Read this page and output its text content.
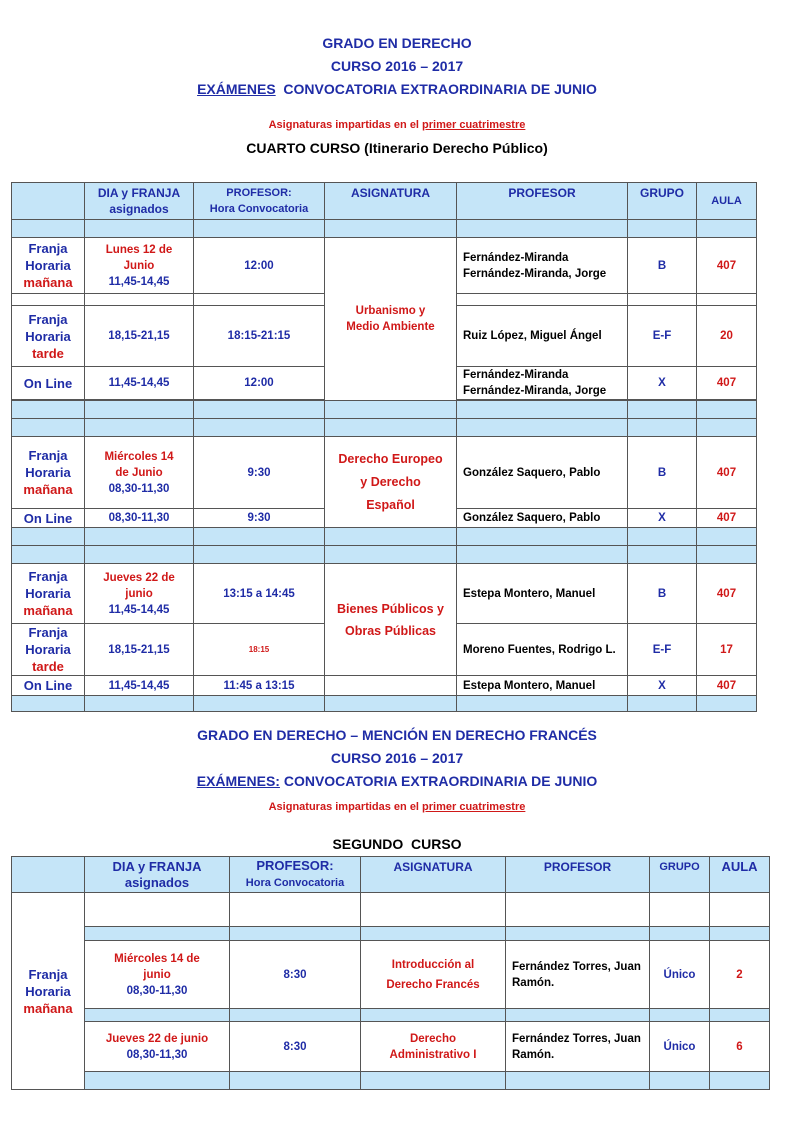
GRADO EN DERECHO
CURSO 2016 – 2017
EXÁMENES  CONVOCATORIA EXTRAORDINARIA DE JUNIO
Asignaturas impartidas en el primer cuatrimestre
CUARTO CURSO (Itinerario Derecho Público)
	DIA y FRANJA
asignados	PROFESOR:
Hora Convocatoria	ASIGNATURA	PROFESOR	GRUPO	AULA

Franja
Horaria
mañana	Lunes 12 de
Junio
11,45-14,45	12:00	Urbanismo y
Medio Ambiente	Fernández-Miranda
Fernández-Miranda, Jorge	B	407

Franja
Horaria
tarde	18,15-21,15	18:15-21:15		Ruiz López, Miguel Ángel	E-F	20
On Line	11,45-14,45	12:00		Fernández-Miranda
Fernández-Miranda, Jorge	X	407

Franja
Horaria
mañana	Miércoles 14
de Junio
08,30-11,30	9:30	Derecho Europeo
y Derecho
Español	González Saquero, Pablo	B	407
On Line	08,30-11,30	9:30		González Saquero, Pablo	X	407

Franja
Horaria
mañana	Jueves 22 de
junio
11,45-14,45	13:15 a 14:45	Bienes Públicos y
Obras Públicas	Estepa Montero, Manuel	B	407
Franja
Horaria
tarde	18,15-21,15	18:15		Moreno Fuentes, Rodrigo L.	E-F	17
On Line	11,45-14,45	11:45 a 13:15		Estepa Montero, Manuel	X	407

GRADO EN DERECHO – MENCIÓN EN DERECHO FRANCÉS
CURSO 2016 – 2017
EXÁMENES: CONVOCATORIA EXTRAORDINARIA DE JUNIO
Asignaturas impartidas en el primer cuatrimestre
SEGUNDO  CURSO
	DIA y FRANJA
asignados	PROFESOR:
Hora Convocatoria	ASIGNATURA	PROFESOR	GRUPO	AULA
Franja
Horaria
mañana						

	Miércoles 14 de
junio
08,30-11,30	8:30	Introducción al
Derecho Francés	Fernández Torres, Juan
Ramón.	Único	2

	Jueves 22 de junio
08,30-11,30	8:30	Derecho
Administrativo I	Fernández Torres, Juan
Ramón.	Único	6
